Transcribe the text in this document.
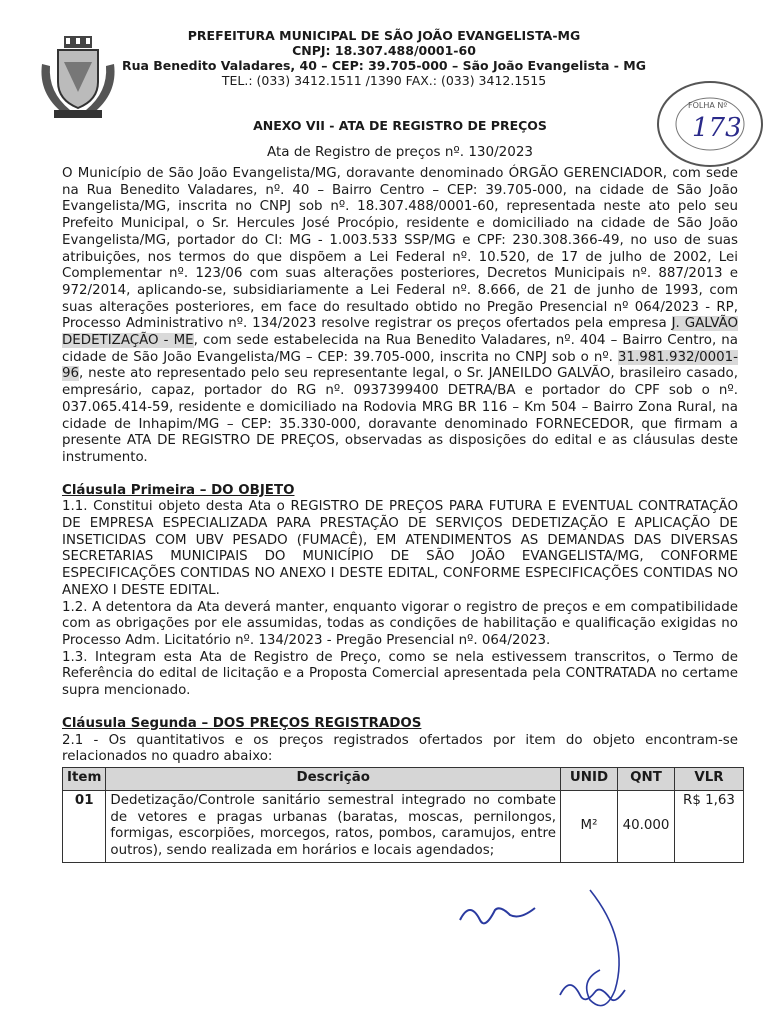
PREFEITURA MUNICIPAL DE SÃO JOÃO EVANGELISTA-MG
CNPJ: 18.307.488/0001-60
Rua Benedito Valadares, 40 – CEP: 39.705-000 – São João Evangelista - MG
TEL.: (033) 3412.1511 /1390 FAX.: (033) 3412.1515
FOLHA Nº
173
ANEXO VII - ATA DE REGISTRO DE PREÇOS
Ata de Registro de preços nº. 130/2023

O Município de São João Evangelista/MG, doravante denominado ÓRGÃO GERENCIADOR, com sede na Rua Benedito Valadares, nº. 40 – Bairro Centro – CEP: 39.705-000, na cidade de São João Evangelista/MG, inscrita no CNPJ sob nº. 18.307.488/0001-60, representada neste ato pelo seu Prefeito Municipal, o Sr. Hercules José Procópio, residente e domiciliado na cidade de São João Evangelista/MG, portador do CI: MG - 1.003.533 SSP/MG e CPF: 230.308.366-49, no uso de suas atribuições, nos termos do que dispõem a Lei Federal nº. 10.520, de 17 de julho de 2002, Lei Complementar nº. 123/06 com suas alterações posteriores, Decretos Municipais nº. 887/2013 e 972/2014, aplicando-se, subsidiariamente a Lei Federal nº. 8.666, de 21 de junho de 1993, com suas alterações posteriores, em face do resultado obtido no Pregão Presencial nº 064/2023 - RP, Processo Administrativo nº. 134/2023 resolve registrar os preços ofertados pela empresa J. GALVÃO DEDETIZAÇÃO - ME, com sede estabelecida na Rua Benedito Valadares, nº. 404 – Bairro Centro, na cidade de São João Evangelista/MG – CEP: 39.705-000, inscrita no CNPJ sob o nº. 31.981.932/0001-96, neste ato representado pelo seu representante legal, o Sr. JANEILDO GALVÃO, brasileiro casado, empresário, capaz, portador do RG nº. 0937399400 DETRA/BA e portador do CPF sob o nº. 037.065.414-59, residente e domiciliado na Rodovia MRG BR 116 – Km 504 – Bairro Zona Rural, na cidade de Inhapim/MG – CEP: 35.330-000, doravante denominado FORNECEDOR, que firmam a presente ATA DE REGISTRO DE PREÇOS, observadas as disposições do edital e as cláusulas deste instrumento.

Cláusula Primeira – DO OBJETO

1.1. Constitui objeto desta Ata o REGISTRO DE PREÇOS PARA FUTURA E EVENTUAL CONTRATAÇÃO DE EMPRESA ESPECIALIZADA PARA PRESTAÇÃO DE SERVIÇOS DEDETIZAÇÃO E APLICAÇÃO DE INSETICIDAS COM UBV PESADO (FUMACÊ), EM ATENDIMENTOS AS DEMANDAS DAS DIVERSAS SECRETARIAS MUNICIPAIS DO MUNICÍPIO DE SÃO JOÃO EVANGELISTA/MG, CONFORME ESPECIFICAÇÕES CONTIDAS NO ANEXO I DESTE EDITAL, CONFORME ESPECIFICAÇÕES CONTIDAS NO ANEXO I DESTE EDITAL.

1.2. A detentora da Ata deverá manter, enquanto vigorar o registro de preços e em compatibilidade com as obrigações por ele assumidas, todas as condições de habilitação e qualificação exigidas no Processo Adm. Licitatório nº. 134/2023 - Pregão Presencial nº. 064/2023.

1.3. Integram esta Ata de Registro de Preço, como se nela estivessem transcritos, o Termo de Referência do edital de licitação e a Proposta Comercial apresentada pela CONTRATADA no certame supra mencionado.

Cláusula Segunda – DOS PREÇOS REGISTRADOS

2.1 - Os quantitativos e os preços registrados ofertados por item do objeto encontram-se relacionados no quadro abaixo:

Item	Descrição	UNID	QNT	VLR
01	Dedetização/Controle sanitário semestral integrado no combate de vetores e pragas urbanas (baratas, moscas, pernilongos, formigas, escorpiões, morcegos, ratos, pombos, caramujos, entre outros), sendo realizada em horários e locais agendados;	M²	40.000	R$ 1,63
